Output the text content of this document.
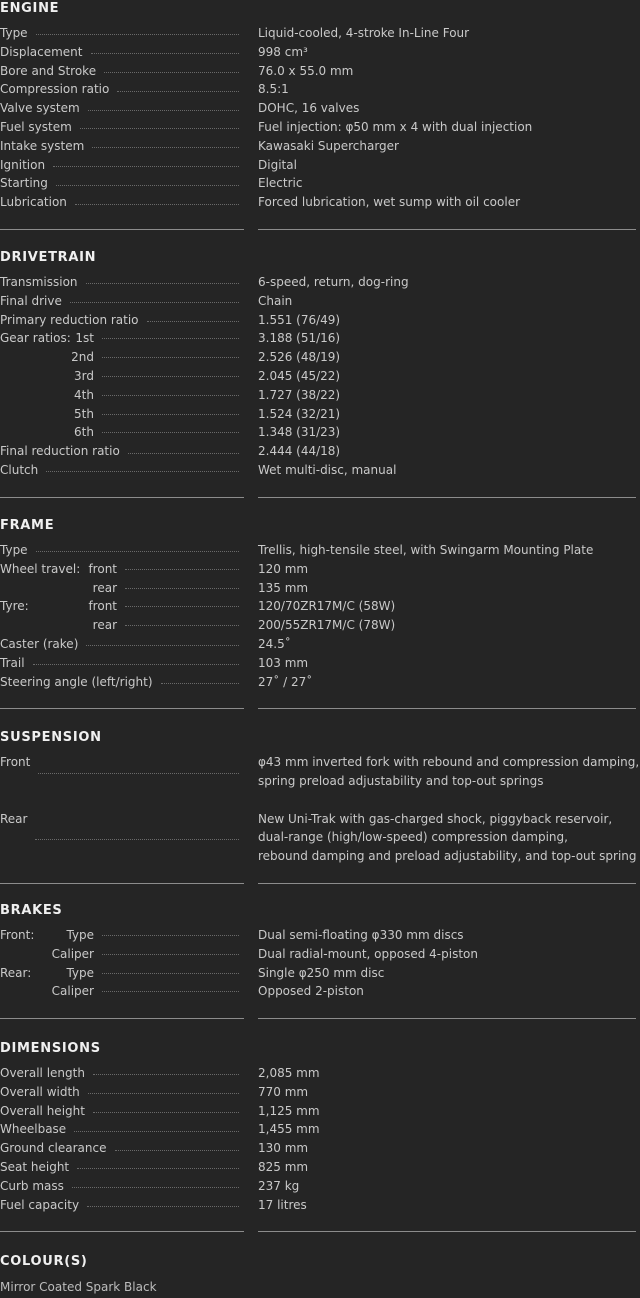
ENGINE
Type	Liquid-cooled, 4-stroke In-Line Four
Displacement	998 cm³
Bore and Stroke	76.0 x 55.0 mm
Compression ratio	8.5:1
Valve system	DOHC, 16 valves
Fuel system	Fuel injection: φ50 mm x 4 with dual injection
Intake system	Kawasaki Supercharger
Ignition	Digital
Starting	Electric
Lubrication	Forced lubrication, wet sump with oil cooler
DRIVETRAIN
Transmission	6-speed, return, dog-ring
Final drive	Chain
Primary reduction ratio	1.551 (76/49)
Gear ratios: 1st	3.188 (51/16)
2nd	2.526 (48/19)
3rd	2.045 (45/22)
4th	1.727 (38/22)
5th	1.524 (32/21)
6th	1.348 (31/23)
Final reduction ratio	2.444 (44/18)
Clutch	Wet multi-disc, manual
FRAME
Type	Trellis, high-tensile steel, with Swingarm Mounting Plate
Wheel travel: front	120 mm
rear	135 mm
Tyre:	front	120/70ZR17M/C (58W)
rear	200/55ZR17M/C (78W)
Caster (rake)	24.5˚
Trail	103 mm
Steering angle (left/right)	27˚ / 27˚
SUSPENSION
Front	φ43 mm inverted fork with rebound and compression damping,
spring preload adjustability and top-out springs
Rear	New Uni-Trak with gas-charged shock, piggyback reservoir,
dual-range (high/low-speed) compression damping,
rebound damping and preload adjustability, and top-out spring
BRAKES
Front:	Type	Dual semi-floating φ330 mm discs
Caliper	Dual radial-mount, opposed 4-piston
Rear:	Type	Single φ250 mm disc
Caliper	Opposed 2-piston
DIMENSIONS
Overall length	2,085 mm
Overall width	770 mm
Overall height	1,125 mm
Wheelbase	1,455 mm
Ground clearance	130 mm
Seat height	825 mm
Curb mass	237 kg
Fuel capacity	17 litres
COLOUR(S)
Mirror Coated Spark Black
